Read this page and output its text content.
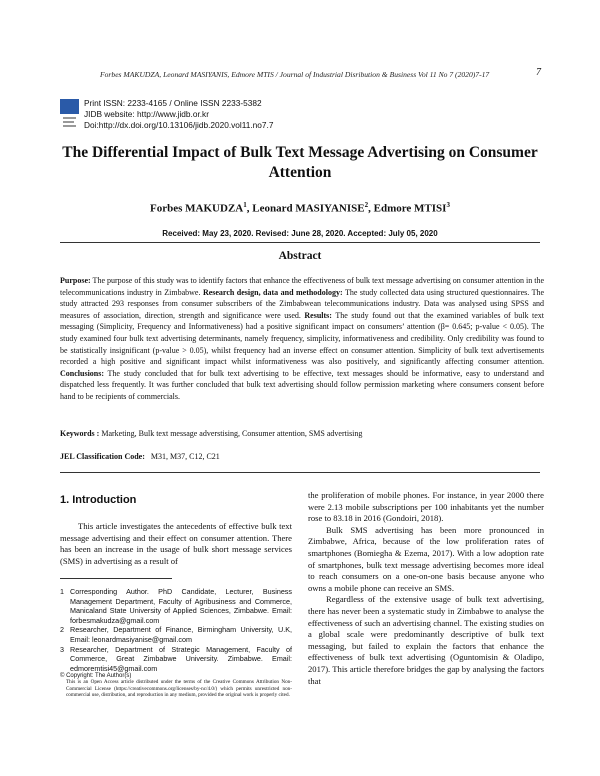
Forbes MAKUDZA, Leonard MASIYANIS, Edmore MTIS / Journal of Industrial Disribution & Business Vol 11 No 7 (2020)7-17	7
Print ISSN: 2233-4165 / Online ISSN 2233-5382
JIDB website: http://www.jidb.or.kr
Doi:http://dx.doi.org/10.13106/jidb.2020.vol11.no7.7
The Differential Impact of Bulk Text Message Advertising on Consumer Attention
Forbes MAKUDZA$^1$, Leonard MASIYANISE$^2$, Edmore MTISI$^3$
Received: May 23, 2020. Revised: June 28, 2020. Accepted: July 05, 2020
Abstract
Purpose: The purpose of this study was to identify factors that enhance the effectiveness of bulk text message advertising on consumer attention in the telecommunications industry in Zimbabwe. Research design, data and methodology: The study collected data using structured questionnaires. The study attracted 293 responses from consumer subscribers of the Zimbabwean telecommunications industry. Data was analysed using SPSS and measures of association, direction, strength and significance were used. Results: The study found out that the examined variables of bulk text messaging (Simplicity, Frequency and Informativeness) had a positive significant impact on consumers’ attention (β= 0.645; p-value < 0.05). The study examined four bulk text advertising determinants, namely frequency, simplicity, informativeness and credibility. Only credibility was found to be statistically insignificant (p-value > 0.05), whilst frequency had an inverse effect on consumer attention. Simplicity of bulk text advertisements recorded a high positive and significant impact whilst informativeness was also positively, and significantly affecting consumer attention. Conclusions: The study concluded that for bulk text advertising to be effective, text messages should be informative, easy to understand and dispatched less frequently. It was further concluded that bulk text advertising should follow permission marketing where consumers consent before hand to be recipients of commercials.
Keywords : Marketing, Bulk text message adverstising, Consumer attention, SMS advertising
JEL Classification Code: M31, M37, C12, C21
1. Introduction

This article investigates the antecedents of effective bulk text message advertising and their effect on consumer attention. There has been an increase in the usage of bulk short message services (SMS) in advertising as a result of

1 Corresponding Author. PhD Candidate, Lecturer, Business Management Department, Faculty of Agribusiness and Commerce, Manicaland State University of Applied Sciences, Zimbabwe. Email: forbesmakudza@gmail.com
2 Researcher, Department of Finance, Birmingham University, U.K, Email: leonardmasiyanise@gmail.com
3 Researcher, Department of Strategic Management, Faculty of Commerce, Great Zimbabwe University. Zimbabwe. Email: edmoremtisi45@gmail.com
© Copyright: The Author(s)
This is an Open Access article distributed under the terms of the Creative Commons Attribution Non-Commercial License (https://creativecommons.org/licenses/by-nc/4.0/) which permits unrestricted non-commercial use, distribution, and reproduction in any medium, provided the original work is properly cited.

the proliferation of mobile phones. For instance, in year 2000 there were 2.13 mobile subscriptions per 100 inhabitants yet the number rose to 83.18 in 2016 (Gondoiri, 2018).

Bulk SMS advertising has been more pronounced in Zimbabwe, Africa, because of the low proliferation rates of smartphones (Bomiegha & Ezema, 2017). With a low adoption rate of smartphones, bulk text message advertising becomes more ideal to reach consumers on a one-on-one basis because anyone who owns a mobile phone can receive an SMS.

Regardless of the extensive usage of bulk text advertising, there has never been a systematic study in Zimbabwe to analyse the effectiveness of such an advertising channel. The existing studies on a global scale were predominantly descriptive of bulk text messaging, but failed to explain the factors that enhance the effectiveness of bulk text advertising (Oguntomisin & Oladipo, 2017). This article therefore bridges the gap by analysing the factors that
